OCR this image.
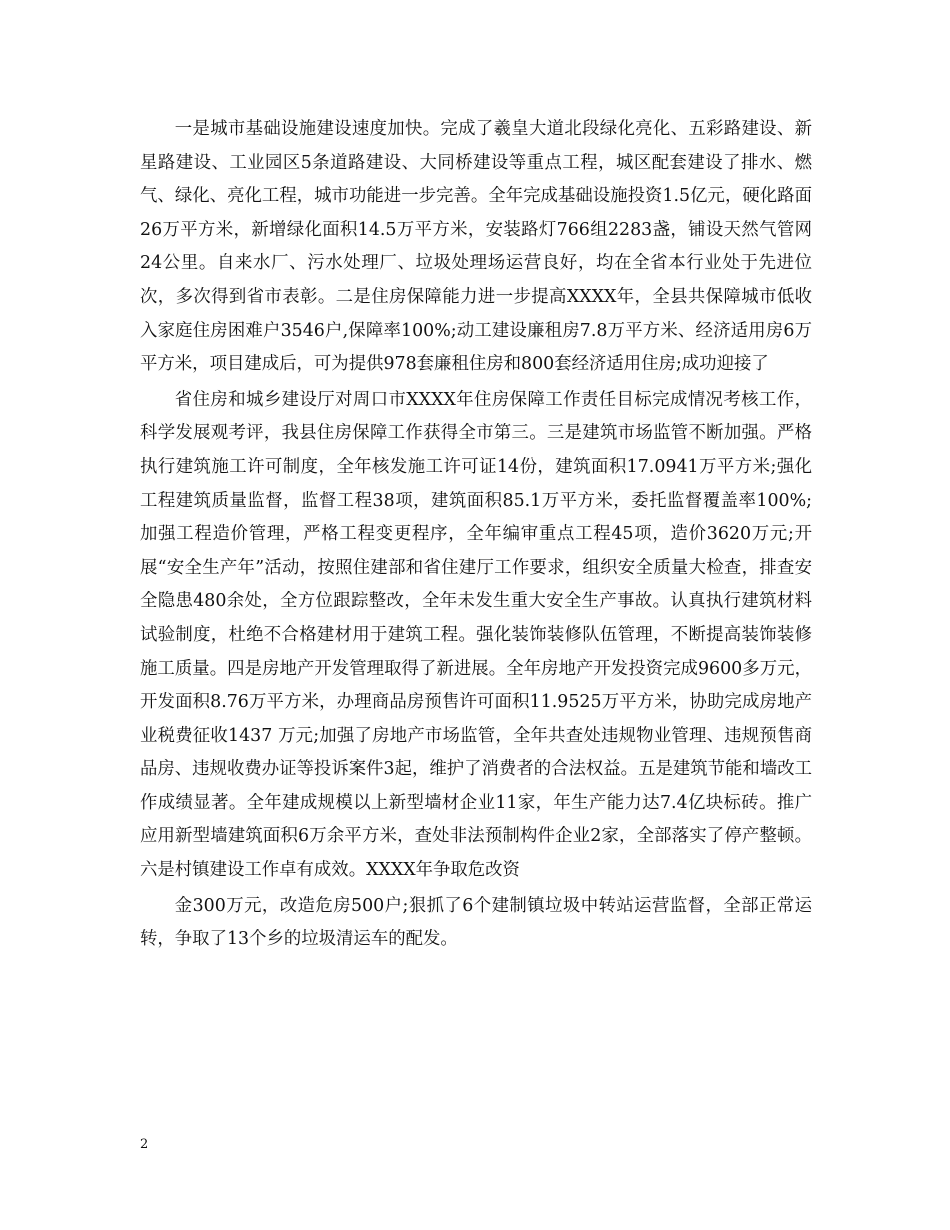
一是城市基础设施建设速度加快。完成了羲皇大道北段绿化亮化、五彩路建设、新星路建设、工业园区5条道路建设、大同桥建设等重点工程，城区配套建设了排水、燃气、绿化、亮化工程，城市功能进一步完善。全年完成基础设施投资1.5亿元，硬化路面26万平方米，新增绿化面积14.5万平方米，安装路灯766组2283盏，铺设天然气管网24公里。自来水厂、污水处理厂、垃圾处理场运营良好，均在全省本行业处于先进位次，多次得到省市表彰。二是住房保障能力进一步提高XXXX年，全县共保障城市低收入家庭住房困难户3546户,保障率100%;动工建设廉租房7.8万平方米、经济适用房6万平方米，项目建成后，可为提供978套廉租住房和800套经济适用住房;成功迎接了

省住房和城乡建设厅对周口市XXXX年住房保障工作责任目标完成情况考核工作，科学发展观考评，我县住房保障工作获得全市第三。三是建筑市场监管不断加强。严格执行建筑施工许可制度，全年核发施工许可证14份，建筑面积17.0941万平方米;强化工程建筑质量监督，监督工程38项，建筑面积85.1万平方米，委托监督覆盖率100%;加强工程造价管理，严格工程变更程序，全年编审重点工程45项，造价3620万元;开展“安全生产年”活动，按照住建部和省住建厅工作要求，组织安全质量大检查，排查安全隐患480余处，全方位跟踪整改，全年未发生重大安全生产事故。认真执行建筑材料试验制度，杜绝不合格建材用于建筑工程。强化装饰装修队伍管理，不断提高装饰装修施工质量。四是房地产开发管理取得了新进展。全年房地产开发投资完成9600多万元，开发面积8.76万平方米，办理商品房预售许可面积11.9525万平方米，协助完成房地产业税费征收1437 万元;加强了房地产市场监管，全年共查处违规物业管理、违规预售商品房、违规收费办证等投诉案件3起，维护了消费者的合法权益。五是建筑节能和墙改工作成绩显著。全年建成规模以上新型墙材企业11家，年生产能力达7.4亿块标砖。推广应用新型墙建筑面积6万余平方米，查处非法预制构件企业2家，全部落实了停产整顿。六是村镇建设工作卓有成效。XXXX年争取危改资

金300万元，改造危房500户;狠抓了6个建制镇垃圾中转站运营监督，全部正常运转，争取了13个乡的垃圾清运车的配发。

2
